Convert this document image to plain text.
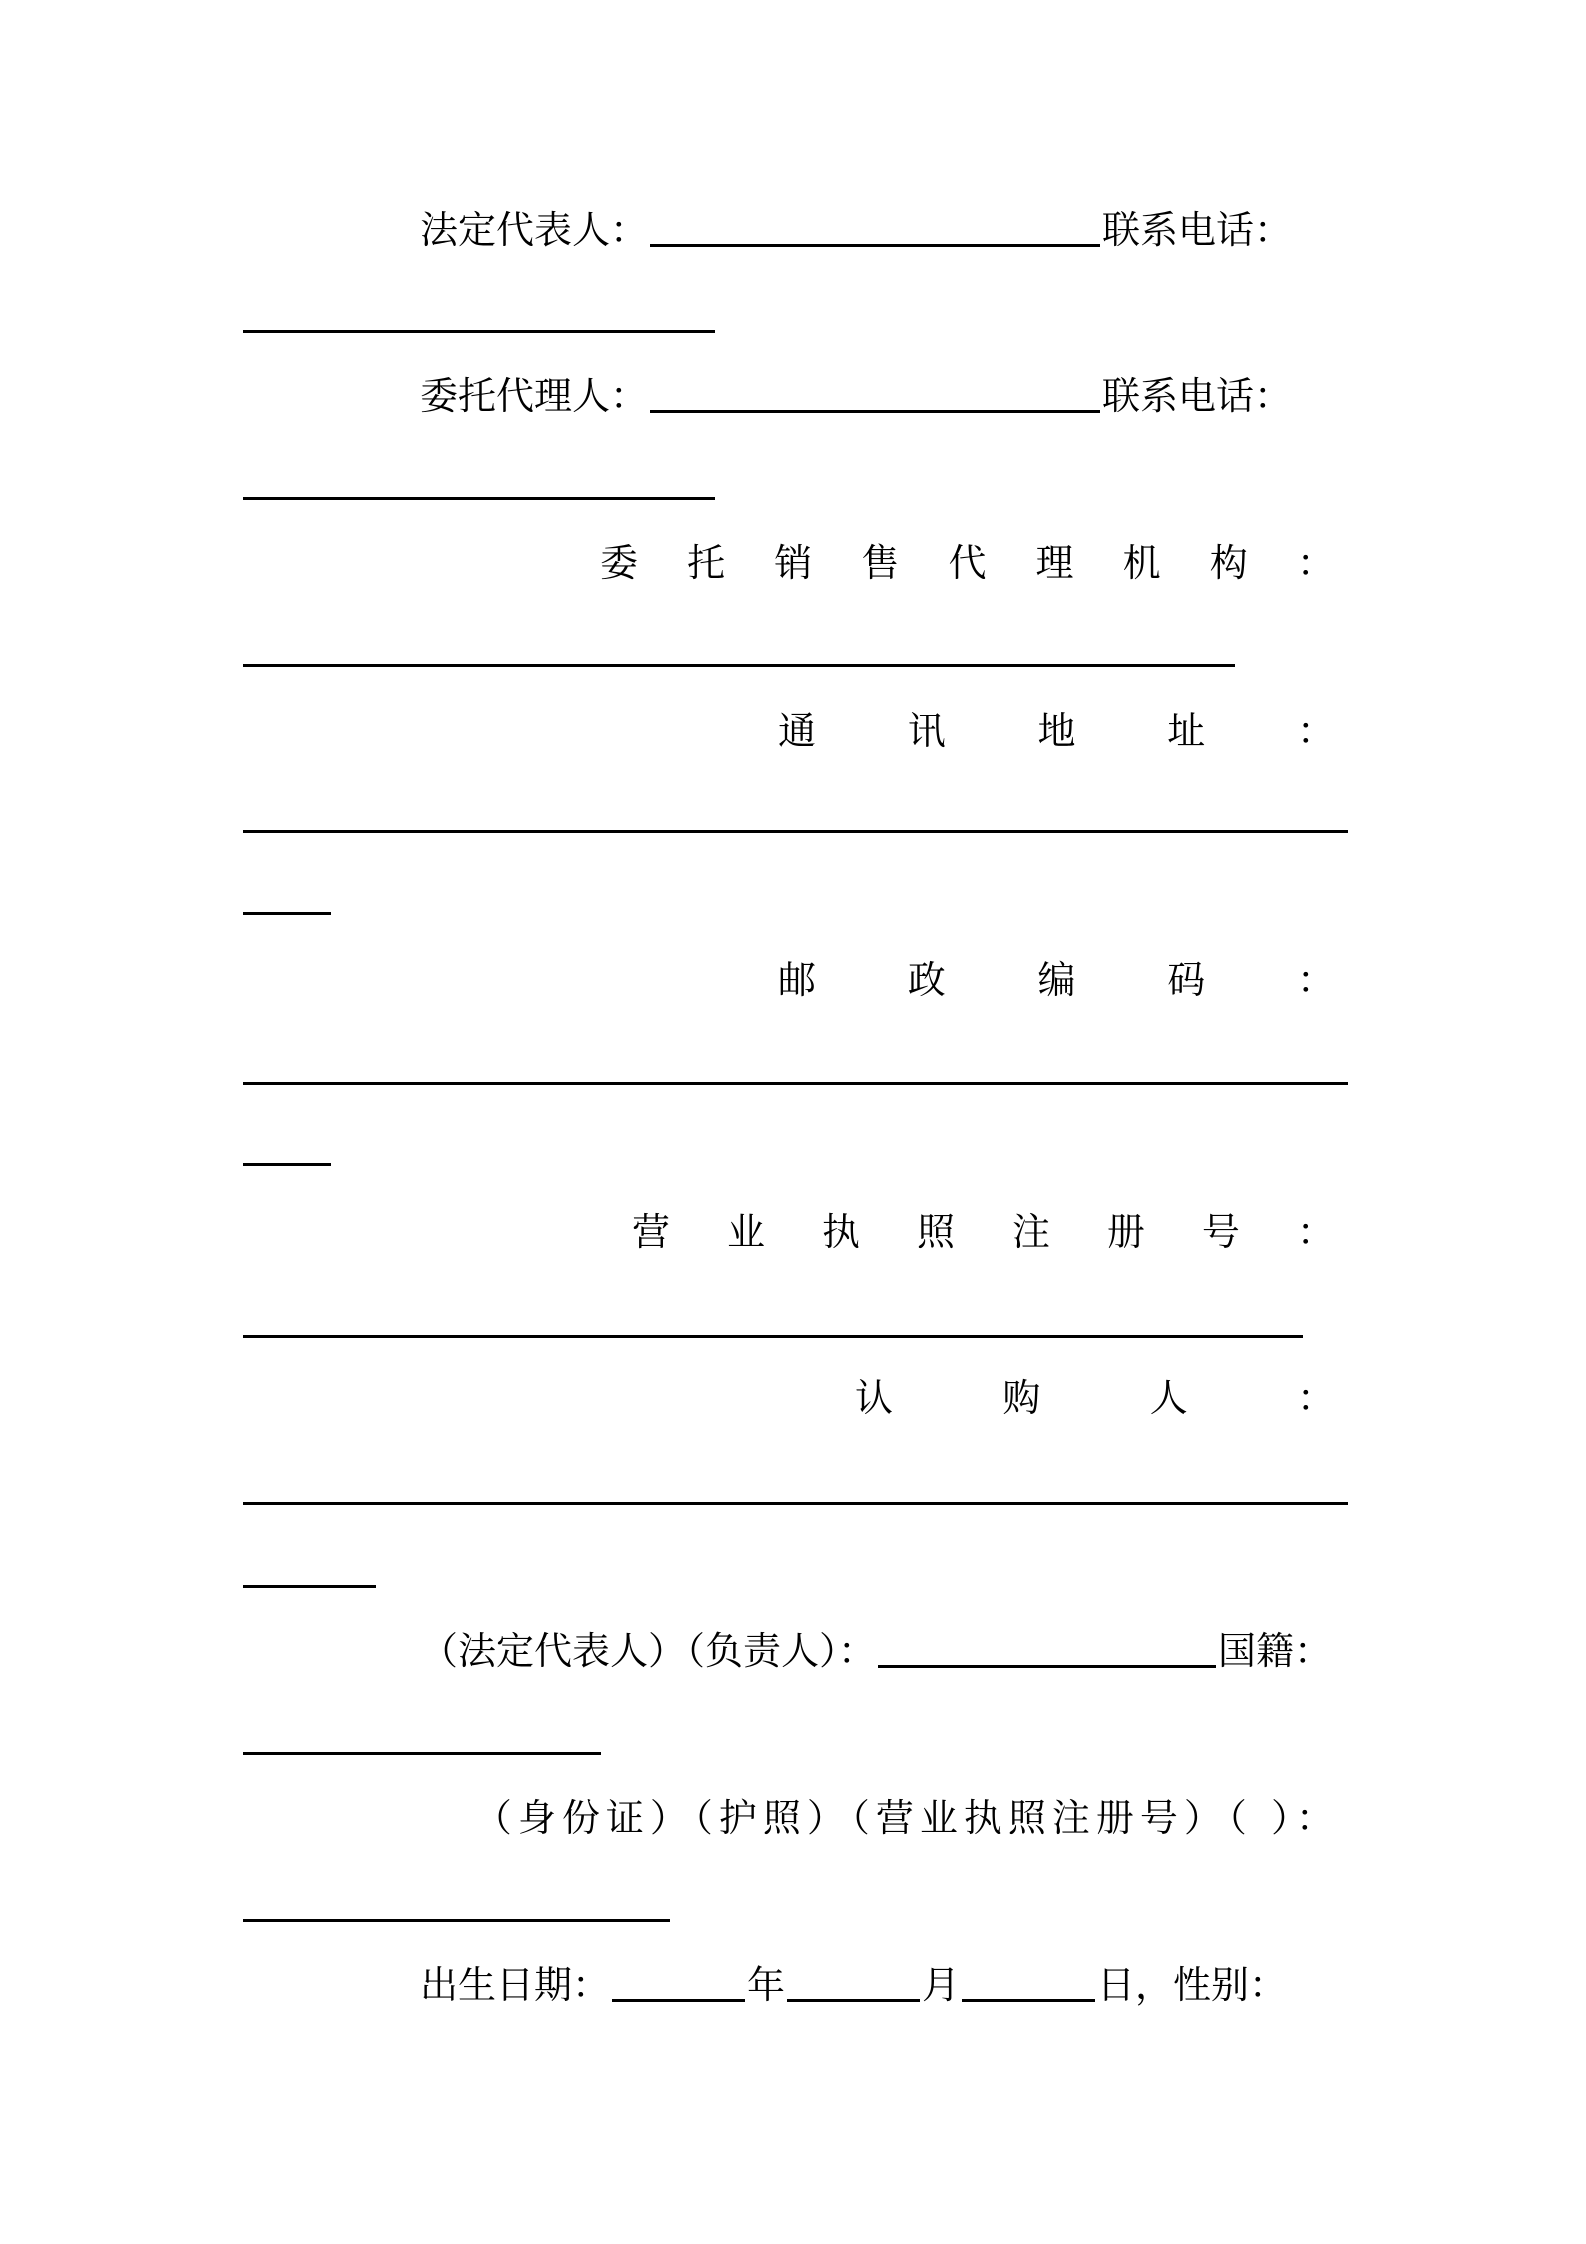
法定代表人：	联系电话：
委托代理人：	联系电话：
委 托 销 售 代 理 机 构 ：
通 讯 地 址 ：
邮 政 编 码 ：
营 业 执 照 注 册 号 ：
认	购	人	：
（法定代表人）（负责人）：	国籍：
（身份证）（护照）（营业执照注册号）（ ）：
出生日期：	年	月	日，性别：
